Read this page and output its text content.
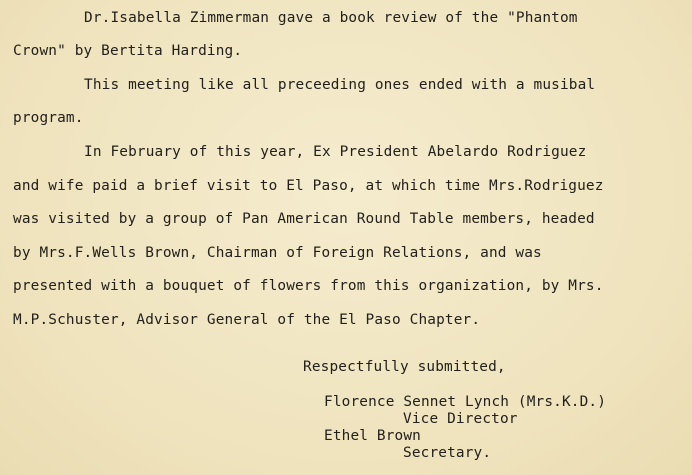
Dr.Isabella Zimmerman gave a book review of the "Phantom
Crown" by Bertita Harding.
This meeting like all preceeding ones ended with a musibal
program.
In February of this year, Ex President Abelardo Rodriguez
and wife paid a brief visit to El Paso, at which time Mrs.Rodriguez
was visited by a group of Pan American Round Table members, headed
by Mrs.F.Wells Brown, Chairman of Foreign Relations, and was
presented with a bouquet of flowers from this organization, by Mrs.
M.P.Schuster, Advisor General of the El Paso Chapter.
Respectfully submitted,
Florence Sennet Lynch (Mrs.K.D.)
Vice Director
Ethel Brown
Secretary.
